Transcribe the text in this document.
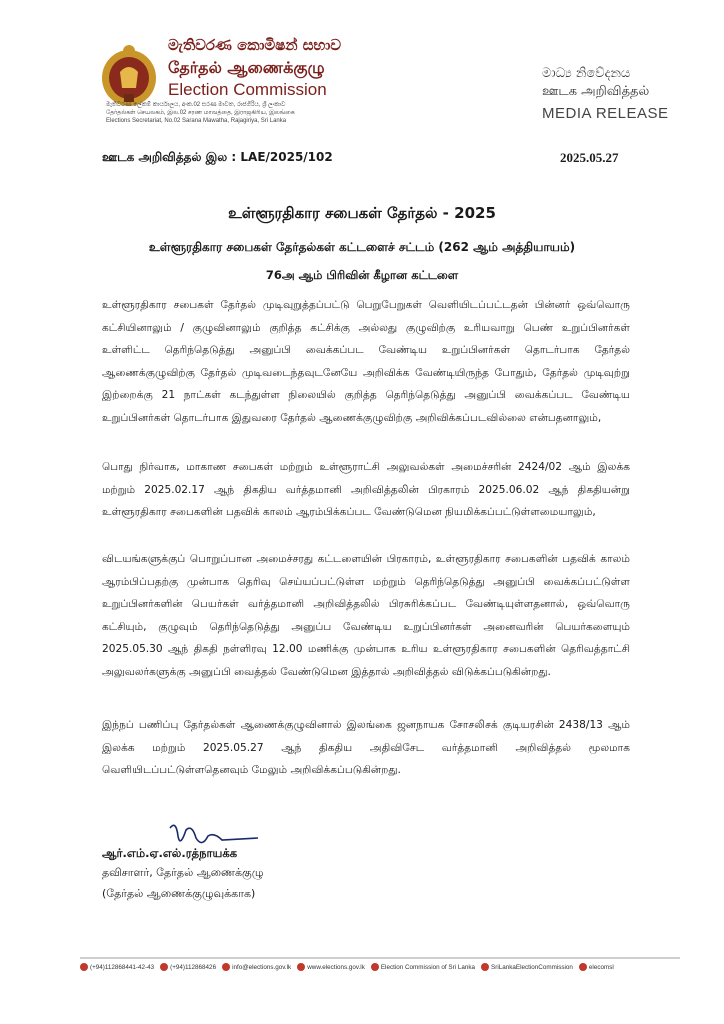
මැතිවරණ කොමිෂන් සභාව
தேர்தல் ஆணைக்குழு
Election Commission
මැතිවරණ ලේකම් කාර්යාලය, අංක.02 සරණ මාවත, රාජගිරිය, ශ්‍රී ලංකාව
தேர்தல்கள் செயலகம், இல.02 சரண மாவத்தை, இராஜகிரிய, இலங்கை
Elections Secretariat, No.02 Sarana Mawatha, Rajagiriya, Sri Lanka
මාධ්‍ය නිවේදනය
ஊடக அறிவித்தல்
MEDIA RELEASE
ஊடக அறிவித்தல் இல : LAE/2025/102	2025.05.27
உள்ளூரதிகார சபைகள் தேர்தல் - 2025
உள்ளூரதிகார சபைகள் தேர்தல்கள் கட்டளைச் சட்டம் (262 ஆம் அத்தியாயம்)
76அ ஆம் பிரிவின் கீழான கட்டளை
உள்ளூரதிகார சபைகள் தேர்தல் முடிவுறுத்தப்பட்டு பெறுபேறுகள் வெளியிடப்பட்டதன் பின்னர் ஒவ்வொரு கட்சியினாலும் / குழுவினாலும் குறித்த கட்சிக்கு அல்லது குழுவிற்கு உரியவாறு பெண் உறுப்பினர்கள் உள்ளிட்ட தெரிந்தெடுத்து அனுப்பி வைக்கப்பட வேண்டிய உறுப்பினர்கள் தொடர்பாக தேர்தல் ஆணைக்குழுவிற்கு தேர்தல் முடிவடைந்தவுடனேயே அறிவிக்க வேண்டியிருந்த போதும், தேர்தல் முடிவுற்று இற்றைக்கு 21 நாட்கள் கடந்துள்ள நிலையில் குறித்த தெரிந்தெடுத்து அனுப்பி வைக்கப்பட வேண்டிய உறுப்பினர்கள் தொடர்பாக இதுவரை தேர்தல் ஆணைக்குழுவிற்கு அறிவிக்கப்படவில்லை என்பதனாலும்,
பொது நிர்வாக, மாகாண சபைகள் மற்றும் உள்ளூராட்சி அலுவல்கள் அமைச்சரின் 2424/02 ஆம் இலக்க மற்றும் 2025.02.17 ஆந் திகதிய வர்த்தமானி அறிவித்தலின் பிரகாரம் 2025.06.02 ஆந் திகதியன்று உள்ளூரதிகார சபைகளின் பதவிக் காலம் ஆரம்பிக்கப்பட வேண்டுமென நியமிக்கப்பட்டுள்ளமையாலும்,
விடயங்களுக்குப் பொறுப்பான அமைச்சரது கட்டளையின் பிரகாரம், உள்ளூரதிகார சபைகளின் பதவிக் காலம் ஆரம்பிப்பதற்கு முன்பாக தெரிவு செய்யப்பட்டுள்ள மற்றும் தெரிந்தெடுத்து அனுப்பி வைக்கப்பட்டுள்ள உறுப்பினர்களின் பெயர்கள் வர்த்தமானி அறிவித்தலில் பிரசுரிக்கப்பட வேண்டியுள்ளதனால், ஒவ்வொரு கட்சியும், குழுவும் தெரிந்தெடுத்து அனுப்ப வேண்டிய உறுப்பினர்கள் அனைவரின் பெயர்களையும் 2025.05.30 ஆந் திகதி நள்ளிரவு 12.00 மணிக்கு முன்பாக உரிய உள்ளூரதிகார சபைகளின் தெரிவத்தாட்சி அலுவலர்களுக்கு அனுப்பி வைத்தல் வேண்டுமென இத்தால் அறிவித்தல் விடுக்கப்படுகின்றது.
இந்நப் பணிப்பு தேர்தல்கள் ஆணைக்குழுவினால் இலங்கை ஜனநாயக சோசலிசக் குடியரசின் 2438/13 ஆம் இலக்க மற்றும் 2025.05.27 ஆந் திகதிய அதிவிசேட வர்த்தமானி அறிவித்தல் மூலமாக வெளியிடப்பட்டுள்ளதெனவும் மேலும் அறிவிக்கப்படுகின்றது.
ஆர்.எம்.ஏ.எல்.ரத்நாயக்க
தவிசாளர், தேர்தல் ஆணைக்குழு
(தேர்தல் ஆணைக்குழுவுக்காக)
(+94)112868441-42-43	(+94)112868426	info@elections.gov.lk	www.elections.gov.lk	Election Commission of Sri Lanka	SriLankaElectionCommission	elecomsl
